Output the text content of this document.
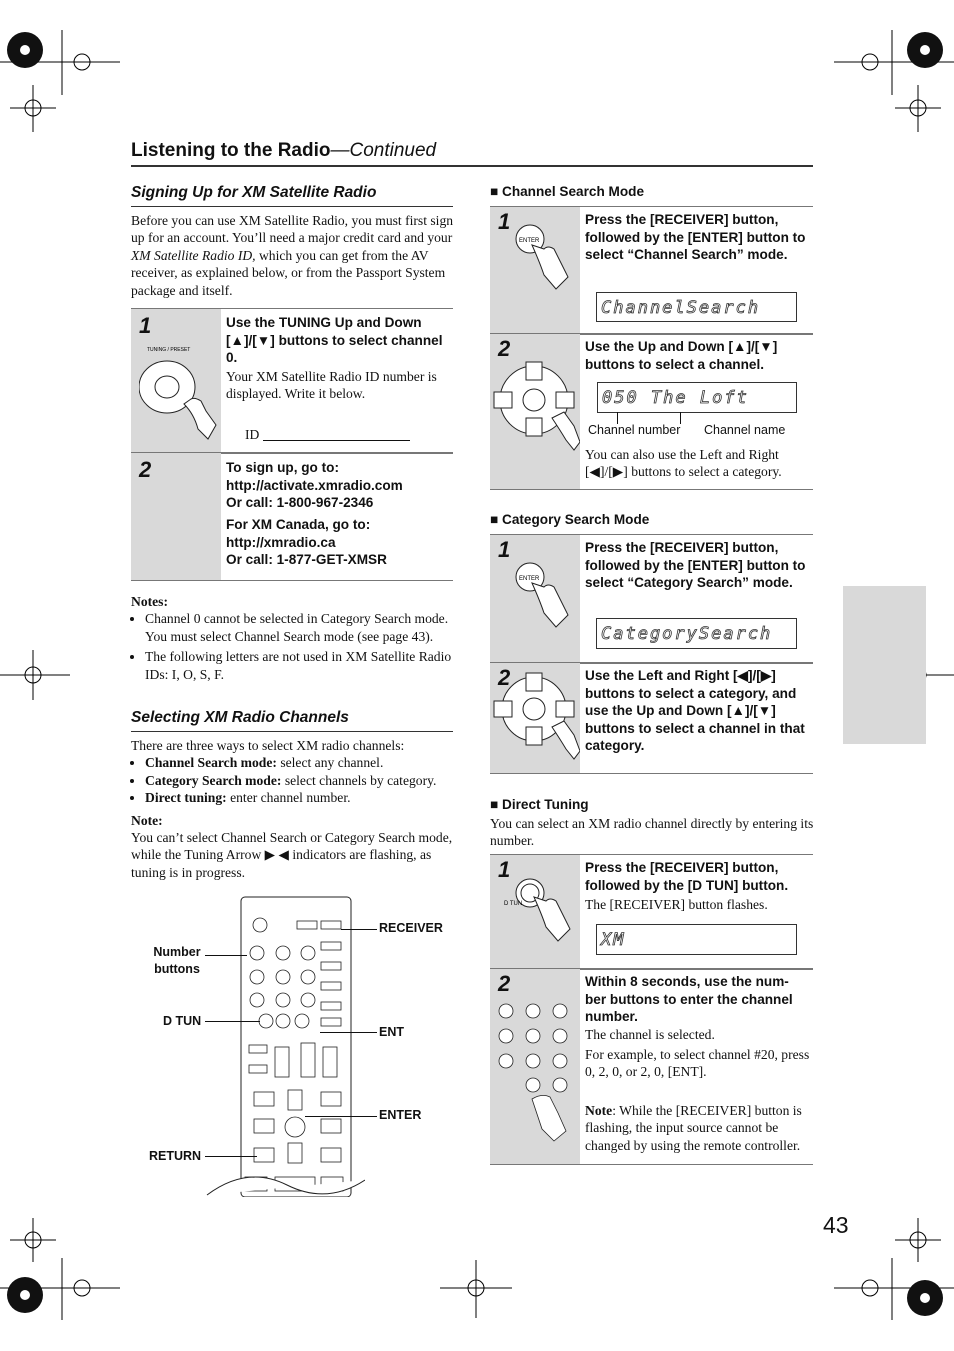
Listening to the Radio—Continued
Signing Up for XM Satellite Radio
Before you can use XM Satellite Radio, you must first sign up for an account. You’ll need a major credit card and your XM Satellite Radio ID, which you can get from the AV receiver, as explained below, or from the Passport System package and itself.
1
TUNING / PRESET
Use the TUNING Up and Down [▲]/[▼] buttons to select channel 0.
Your XM Satellite Radio ID number is displayed. Write it below.
ID
2	To sign up, go to:
http://activate.xmradio.com
Or call: 1-800-967-2346
For XM Canada, go to:
http://xmradio.ca
Or call: 1-877-GET-XMSR
Notes:
• Channel 0 cannot be selected in Category Search mode. You must select Channel Search mode (see page 43).
• The following letters are not used in XM Satellite Radio IDs: I, O, S, F.
Selecting XM Radio Channels
There are three ways to select XM radio channels:
• Channel Search mode: select any channel.
• Category Search mode: select channels by category.
• Direct tuning: enter channel number.
Note:
You can’t select Channel Search or Category Search mode, while the Tuning Arrow ▶ ◀ indicators are flashing, as tuning is in progress.
RECEIVER
Number buttons
D TUN
ENT
ENTER
RETURN
■ Channel Search Mode
1
ENTER
Press the [RECEIVER] button, followed by the [ENTER] button to select “Channel Search” mode.
ChannelSearch
2	Use the Up and Down [▲]/[▼] buttons to select a channel.
050 The Loft
Channel number Channel name
You can also use the Left and Right [◀]/[▶] buttons to select a category.
■ Category Search Mode
1
ENTER
Press the [RECEIVER] button, followed by the [ENTER] button to select “Category Search” mode.
CategorySearch
2	Use the Left and Right [◀]/[▶] buttons to select a category, and use the Up and Down [▲]/[▼] buttons to select a channel in that category.
■ Direct Tuning
You can select an XM radio channel directly by entering its number.
1
D TUN
Press the [RECEIVER] button, followed by the [D TUN] button.
The [RECEIVER] button flashes.
XM
2	Within 8 seconds, use the num-ber buttons to enter the channel number.
The channel is selected.
For example, to select channel #20, press 0, 2, 0, or 2, 0, [ENT].
Note: While the [RECEIVER] button is flashing, the input source cannot be changed by using the remote controller.
43
